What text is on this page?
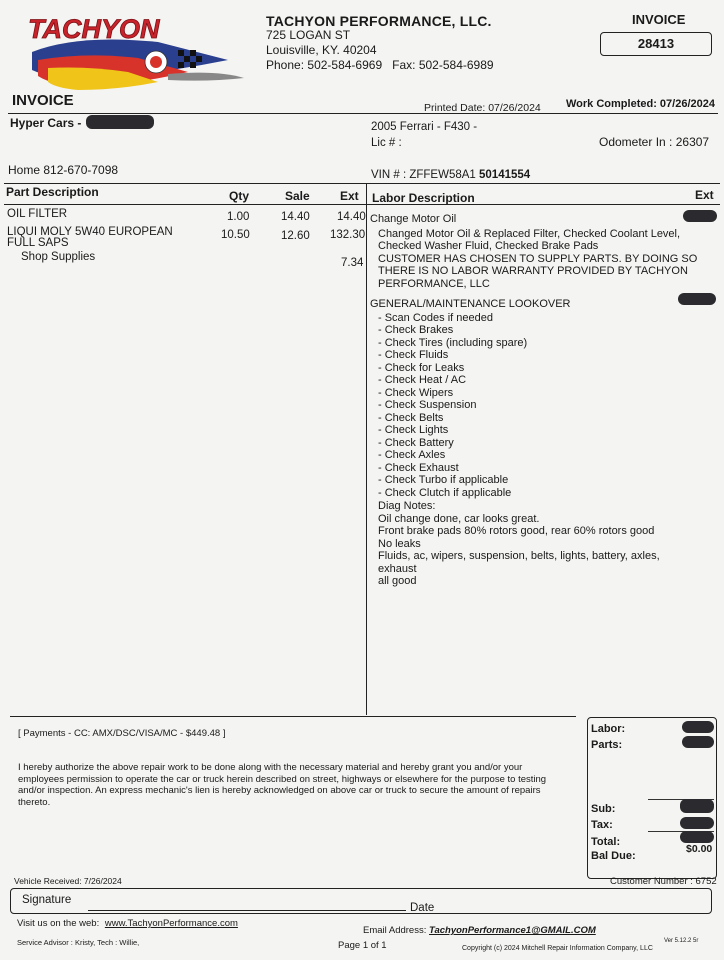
TACHYON	TACHYON PERFORMANCE, LLC.
725 LOGAN ST
Louisville, KY. 40204
Phone: 502-584-6969 Fax: 502-584-6989
INVOICE
28413
INVOICE	Printed Date: 07/26/2024 Work Completed: 07/26/2024
Hyper Cars -
Home 812-670-7098
2005 Ferrari - F430 -
Lic # :	Odometer In : 26307
VIN # : ZFFEW58A1 50141554
Part Description	Qty	Sale	Ext Labor Description	Ext
OIL FILTER	1.00	14.40 14.40
LIQUI MOLY 5W40 EUROPEAN
FULL SAPS
10.50	12.60 132.30
Shop Supplies	7.34
Change Motor Oil
Changed Motor Oil & Replaced Filter, Checked Coolant Level,
Checked Washer Fluid, Checked Brake Pads
CUSTOMER HAS CHOSEN TO SUPPLY PARTS. BY DOING SO
THERE IS NO LABOR WARRANTY PROVIDED BY TACHYON
PERFORMANCE, LLC
GENERAL/MAINTENANCE LOOKOVER
- Scan Codes if needed
- Check Brakes
- Check Tires (including spare)
- Check Fluids
- Check for Leaks
- Check Heat / AC
- Check Wipers
- Check Suspension
- Check Belts
- Check Lights
- Check Battery
- Check Axles
- Check Exhaust
- Check Turbo if applicable
- Check Clutch if applicable
Diag Notes:
Oil change done, car looks great.
Front brake pads 80% rotors good, rear 60% rotors good
No leaks
Fluids, ac, wipers, suspension, belts, lights, battery, axles, exhaust
all good
[ Payments - CC: AMX/DSC/VISA/MC - $449.48 ]
I hereby authorize the above repair work to be done along with the necessary material and hereby grant you and/or your
employees permission to operate the car or truck herein described on street, highways or elsewhere for the purpose to testing
and/or inspection. An express mechanic's lien is hereby acknowledged on above car or truck to secure the amount of repairs
thereto.
Labor:
Parts:
Sub:
Tax:
Total:
Bal Due:
$0.00
Customer Number : 6752
Vehicle Received: 7/26/2024
Signature
Date
Visit us on the web: www.TachyonPerformance.com
Email Address: TachyonPerformance1@GMAIL.COM
Service Advisor : Kristy, Tech : Willie,	Page 1 of 1	Copyright (c) 2024 Mitchell Repair Information Company, LLC
Ver 5.12.2 5r
